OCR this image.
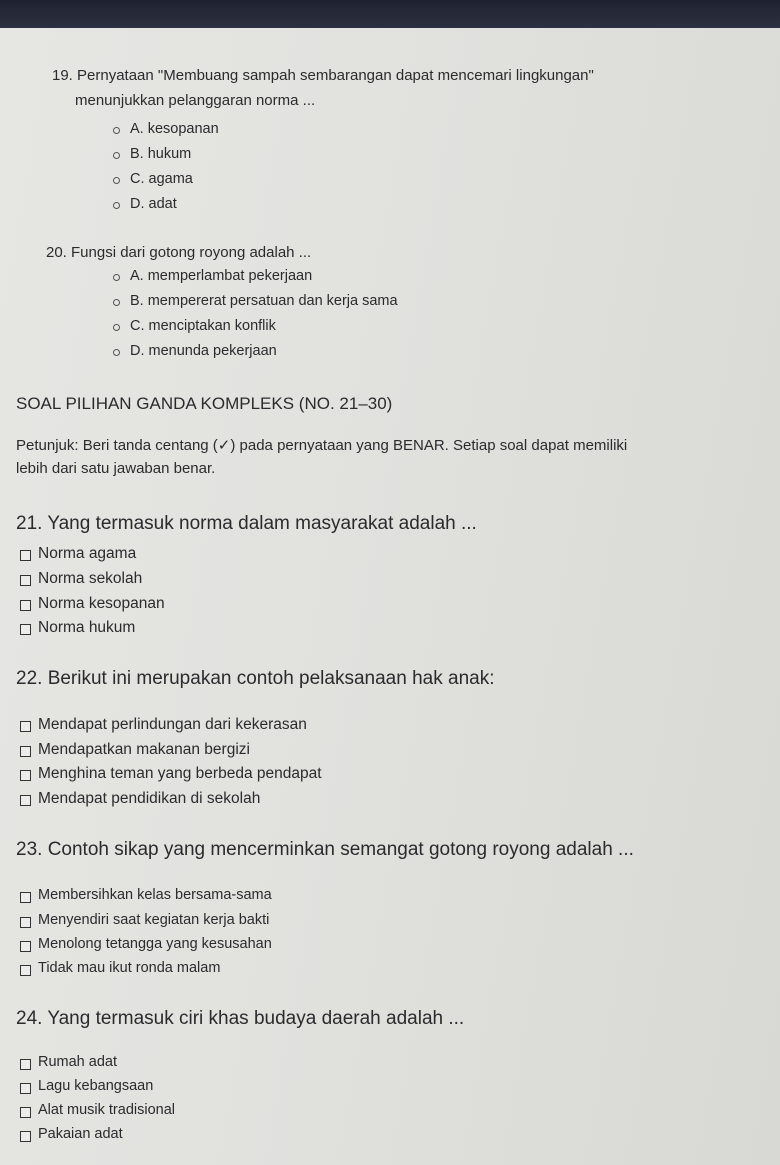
19. Pernyataan "Membuang sampah sembarangan dapat mencemari lingkungan"
menunjukkan pelanggaran norma ...
A. kesopanan
B. hukum
C. agama
D. adat
20. Fungsi dari gotong royong adalah ...
A. memperlambat pekerjaan
B. mempererat persatuan dan kerja sama
C. menciptakan konflik
D. menunda pekerjaan
SOAL PILIHAN GANDA KOMPLEKS (NO. 21–30)
Petunjuk: Beri tanda centang (✓) pada pernyataan yang BENAR. Setiap soal dapat memiliki
lebih dari satu jawaban benar.
21. Yang termasuk norma dalam masyarakat adalah ...
Norma agama
Norma sekolah
Norma kesopanan
Norma hukum
22. Berikut ini merupakan contoh pelaksanaan hak anak:
Mendapat perlindungan dari kekerasan
Mendapatkan makanan bergizi
Menghina teman yang berbeda pendapat
Mendapat pendidikan di sekolah
23. Contoh sikap yang mencerminkan semangat gotong royong adalah ...
Membersihkan kelas bersama-sama
Menyendiri saat kegiatan kerja bakti
Menolong tetangga yang kesusahan
Tidak mau ikut ronda malam
24. Yang termasuk ciri khas budaya daerah adalah ...
Rumah adat
Lagu kebangsaan
Alat musik tradisional
Pakaian adat
